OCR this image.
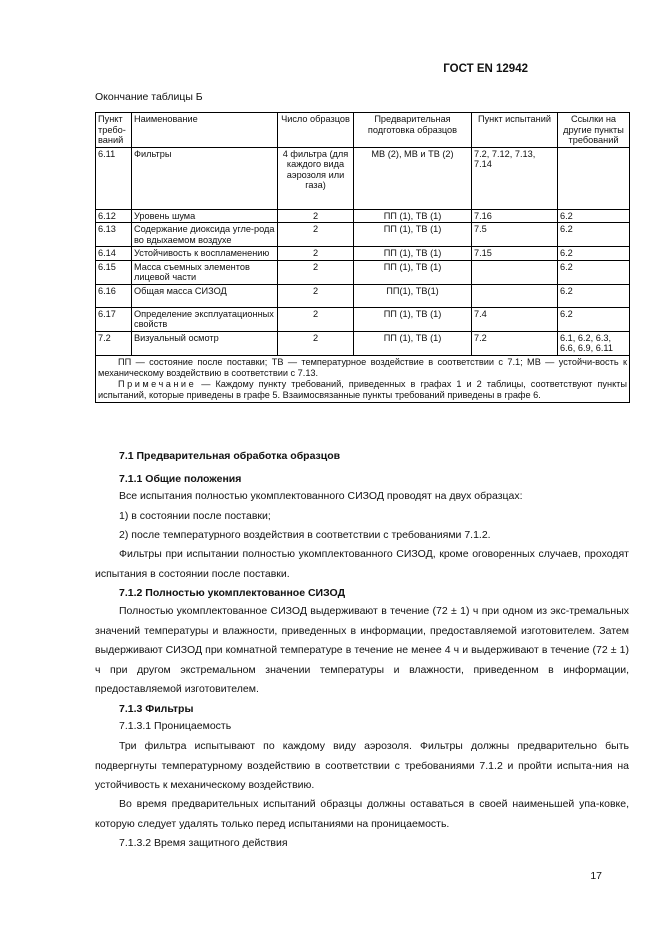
ГОСТ EN 12942
Окончание таблицы Б
Пункт требо-ваний	Наименование	Число образцов	Предварительная подготовка образцов	Пункт испытаний	Ссылки на другие пункты требований
6.11	Фильтры	4 фильтра (для каждого вида аэрозоля или газа)	МВ (2), МВ и ТВ (2)	7.2, 7.12, 7.13, 7.14	
6.12	Уровень шума	2	ПП (1), ТВ (1)	7.16	6.2
6.13	Содержание диоксида угле-рода во вдыхаемом воздухе	2	ПП (1), ТВ (1)	7.5	6.2
6.14	Устойчивость к воспламенению	2	ПП (1), ТВ (1)	7.15	6.2
6.15	Масса съемных элементов лицевой части	2	ПП (1), ТВ (1)		6.2
6.16	Общая масса СИЗОД	2	ПП(1), ТВ(1)		6.2
6.17	Определение эксплуатационных свойств	2	ПП (1), ТВ (1)	7.4	6.2
7.2	Визуальный осмотр	2	ПП (1), ТВ (1)	7.2	6.1, 6.2, 6.3, 6.6, 6.9, 6.11

ПП — состояние после поставки; ТВ — температурное воздействие в соответствии с 7.1; МВ — устойчи-вость к механическому воздействию в соответствии с 7.13.
Примечание — Каждому пункту требований, приведенных в графах 1 и 2 таблицы, соответствуют пункты испытаний, которые приведены в графе 5. Взаимосвязанные пункты требований приведены в графе 6.					
7.1 Предварительная обработка образцов
7.1.1 Общие положения
Все испытания полностью укомплектованного СИЗОД проводят на двух образцах:
1) в состоянии после поставки;
2) после температурного воздействия в соответствии с требованиями 7.1.2.
Фильтры при испытании полностью укомплектованного СИЗОД, кроме оговоренных случаев, проходят испытания в состоянии после поставки.
7.1.2 Полностью укомплектованное СИЗОД
Полностью укомплектованное СИЗОД выдерживают в течение (72 ± 1) ч при одном из экс-тремальных значений температуры и влажности, приведенных в информации, предоставляемой изготовителем. Затем выдерживают СИЗОД при комнатной температуре в течение не менее 4 ч и выдерживают в течение (72 ± 1) ч при другом экстремальном значении температуры и влажности, приведенном в информации, предоставляемой изготовителем.
7.1.3 Фильтры
7.1.3.1 Проницаемость
Три фильтра испытывают по каждому виду аэрозоля. Фильтры должны предварительно быть подвергнуты температурному воздействию в соответствии с требованиями 7.1.2 и пройти испыта-ния на устойчивость к механическому воздействию.
Во время предварительных испытаний образцы должны оставаться в своей наименьшей упа-ковке, которую следует удалять только перед испытаниями на проницаемость.
7.1.3.2 Время защитного действия
17
